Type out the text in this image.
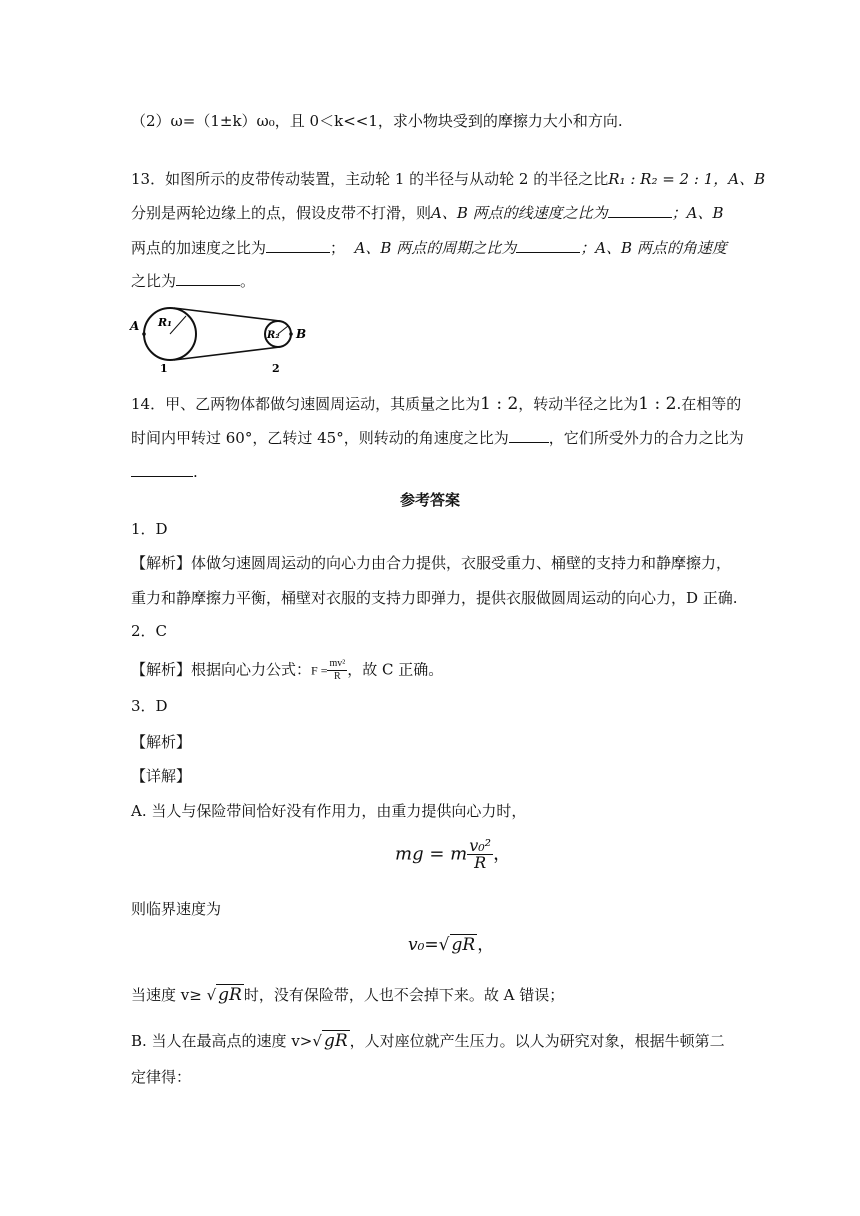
（2）ω=（1±k）ω₀，且 0＜k<<1，求小物块受到的摩擦力大小和方向.
13．如图所示的皮带传动装置，主动轮 1 的半径与从动轮 2 的半径之比R₁ : R₂ = 2 : 1，A、B
分别是两轮边缘上的点，假设皮带不打滑，则A、B 两点的线速度之比为	；A、B
两点的加速度之比为	； A、B 两点的周期之比为	；A、B 两点的角速度
之比为	。
A R₁
R₂ B
1	2
14．甲、乙两物体都做匀速圆周运动，其质量之比为1 : 2，转动半径之比为1 : 2.在相等的
时间内甲转过 60°，乙转过 45°，则转动的角速度之比为	，它们所受外力的合力之比为
.
参考答案
1．D
【解析】体做匀速圆周运动的向心力由合力提供，衣服受重力、桶壁的支持力和静摩擦力，
重力和静摩擦力平衡，桶壁对衣服的支持力即弹力，提供衣服做圆周运动的向心力，D 正确.
2．C
【解析】根据向心力公式：$F = \frac{\text{mv²}}{R}$ ，故 C 正确。
3．D
【解析】
【详解】
A. 当人与保险带间恰好没有作用力，由重力提供向心力时，
mg = m $\frac{\text{v₀²}}{R}$ ，
则临界速度为
v₀=√ gR ，
当速度 v≥ √ gR 时，没有保险带，人也不会掉下来。故 A 错误；
B. 当人在最高点的速度 v>√ gR ，人对座位就产生压力。以人为研究对象，根据牛顿第二
定律得：
